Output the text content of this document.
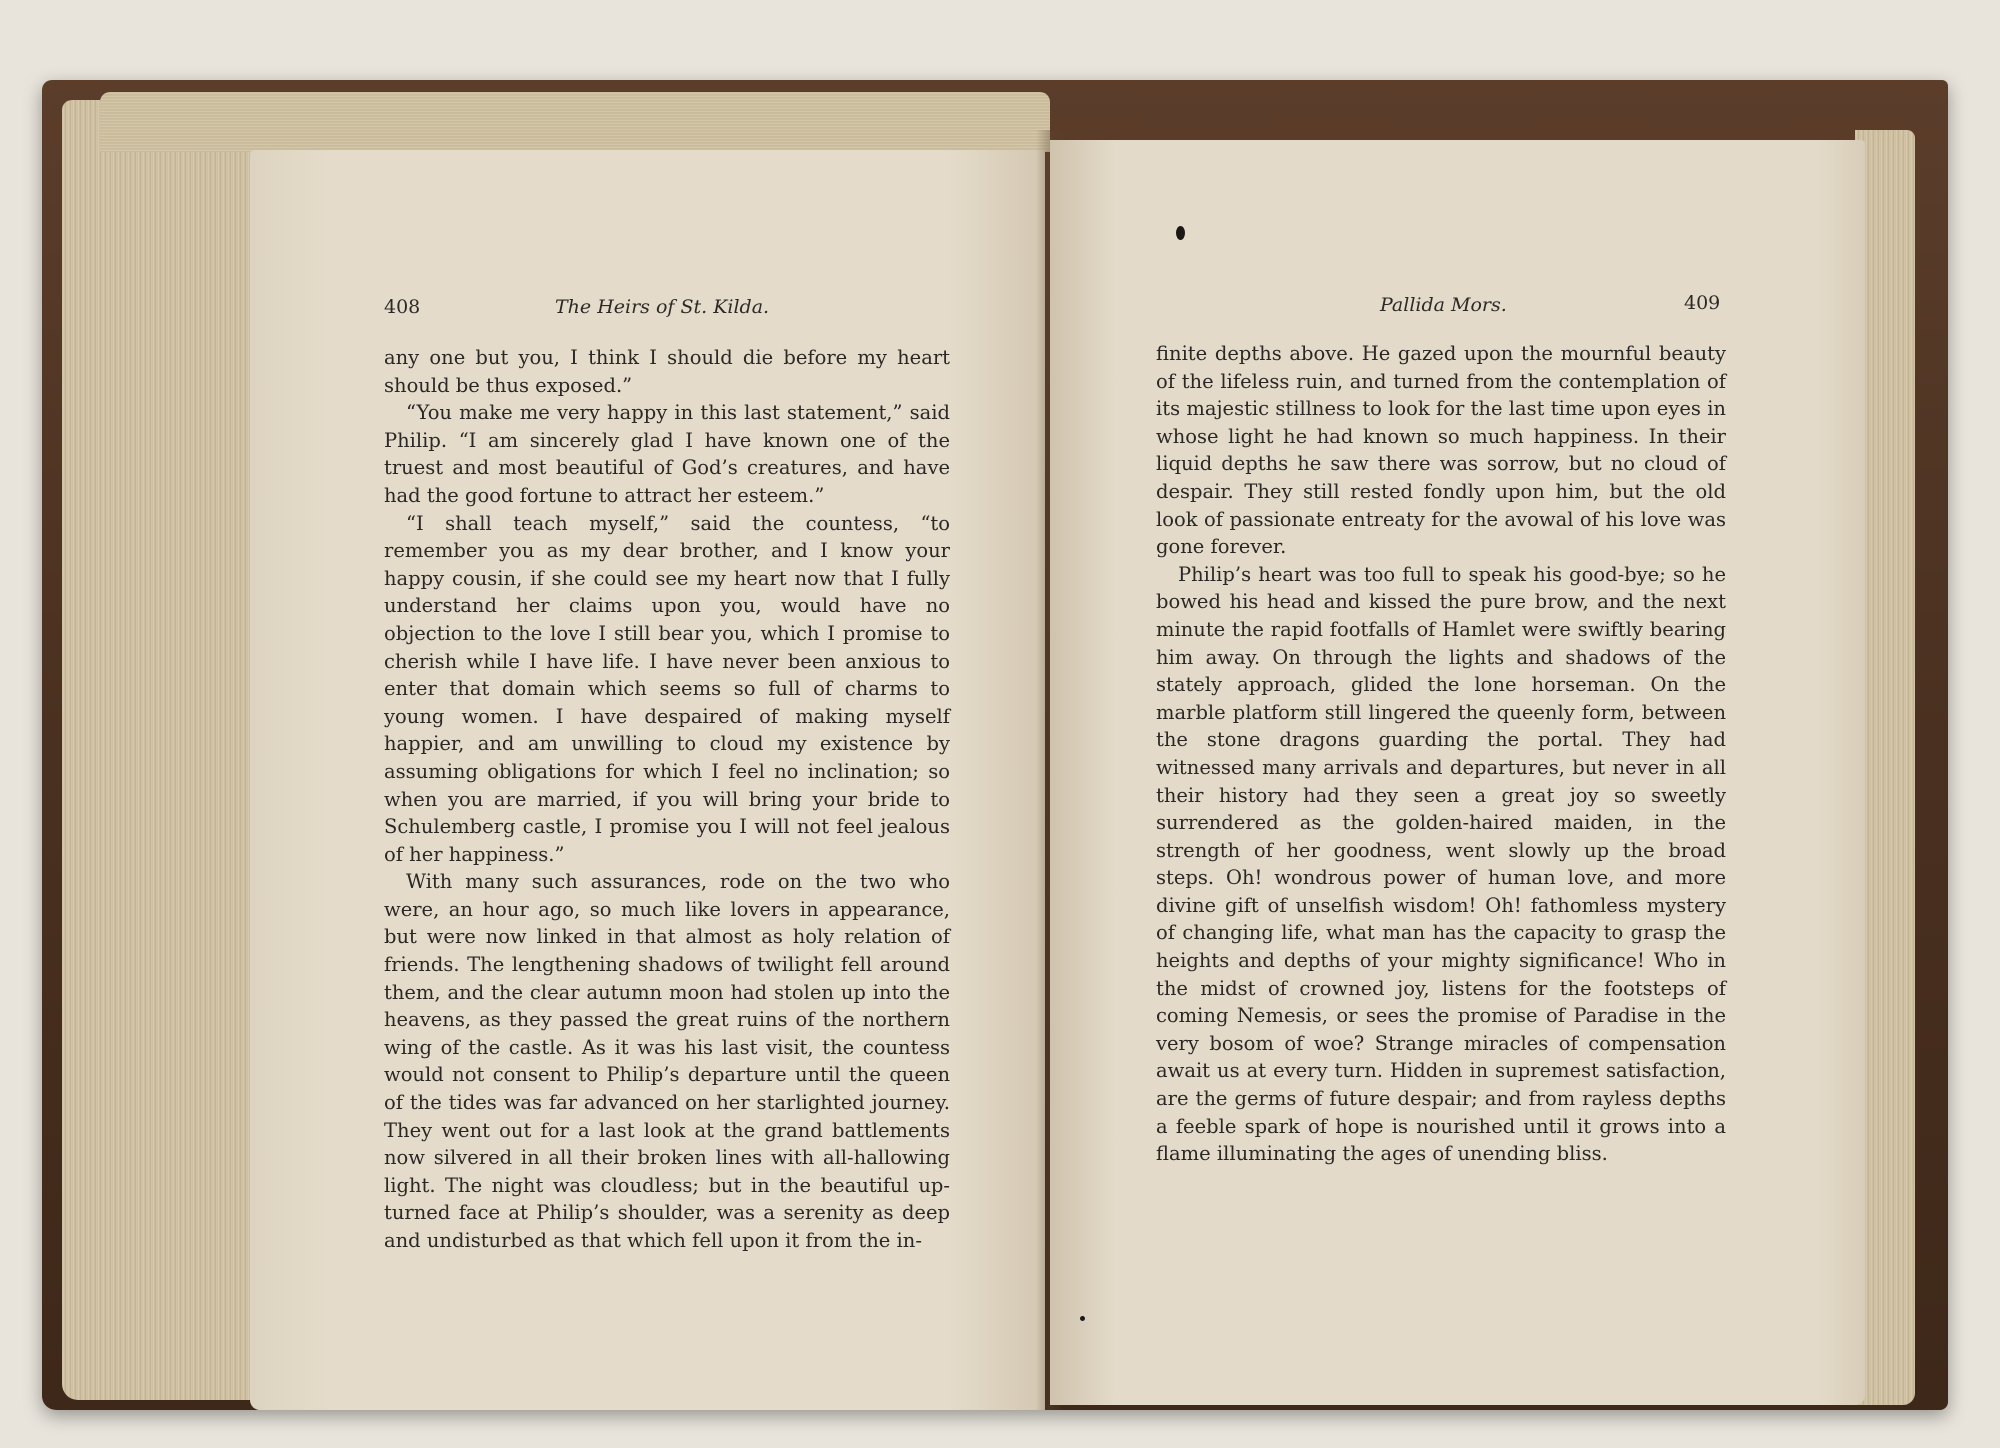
408	The Heirs of St. Kilda.

any one but you, I think I should die before my heart should be thus exposed.”

“You make me very happy in this last statement,” said Philip. “I am sincerely glad I have known one of the truest and most beautiful of God’s creatures, and have had the good fortune to attract her esteem.”

“I shall teach myself,” said the countess, “to remember you as my dear brother, and I know your happy cousin, if she could see my heart now that I fully understand her claims upon you, would have no objection to the love I still bear you, which I promise to cherish while I have life. I have never been anxious to enter that domain which seems so full of charms to young women. I have despaired of making myself happier, and am unwilling to cloud my existence by assuming obligations for which I feel no inclination; so when you are married, if you will bring your bride to Schulemberg castle, I promise you I will not feel jealous of her happiness.”

With many such assurances, rode on the two who were, an hour ago, so much like lovers in appearance, but were now linked in that almost as holy relation of friends. The lengthening shadows of twilight fell around them, and the clear autumn moon had stolen up into the heavens, as they passed the great ruins of the northern wing of the castle. As it was his last visit, the countess would not consent to Philip’s departure until the queen of the tides was far advanced on her starlighted journey. They went out for a last look at the grand battlements now silvered in all their broken lines with all-hallowing light. The night was cloudless; but in the beautiful up-turned face at Philip’s shoulder, was a serenity as deep and undisturbed as that which fell upon it from the in-

Pallida Mors.	409

finite depths above. He gazed upon the mournful beauty of the lifeless ruin, and turned from the contemplation of its majestic stillness to look for the last time upon eyes in whose light he had known so much happiness. In their liquid depths he saw there was sorrow, but no cloud of despair. They still rested fondly upon him, but the old look of passionate entreaty for the avowal of his love was gone forever.

Philip’s heart was too full to speak his good-bye; so he bowed his head and kissed the pure brow, and the next minute the rapid footfalls of Hamlet were swiftly bearing him away. On through the lights and shadows of the stately approach, glided the lone horseman. On the marble platform still lingered the queenly form, between the stone dragons guarding the portal. They had witnessed many arrivals and departures, but never in all their history had they seen a great joy so sweetly surrendered as the golden-haired maiden, in the strength of her goodness, went slowly up the broad steps. Oh! wondrous power of human love, and more divine gift of unselfish wisdom! Oh! fathomless mystery of changing life, what man has the capacity to grasp the heights and depths of your mighty significance! Who in the midst of crowned joy, listens for the footsteps of coming Nemesis, or sees the promise of Paradise in the very bosom of woe? Strange miracles of compensation await us at every turn. Hidden in supremest satisfaction, are the germs of future despair; and from rayless depths a feeble spark of hope is nourished until it grows into a flame illuminating the ages of unending bliss.
